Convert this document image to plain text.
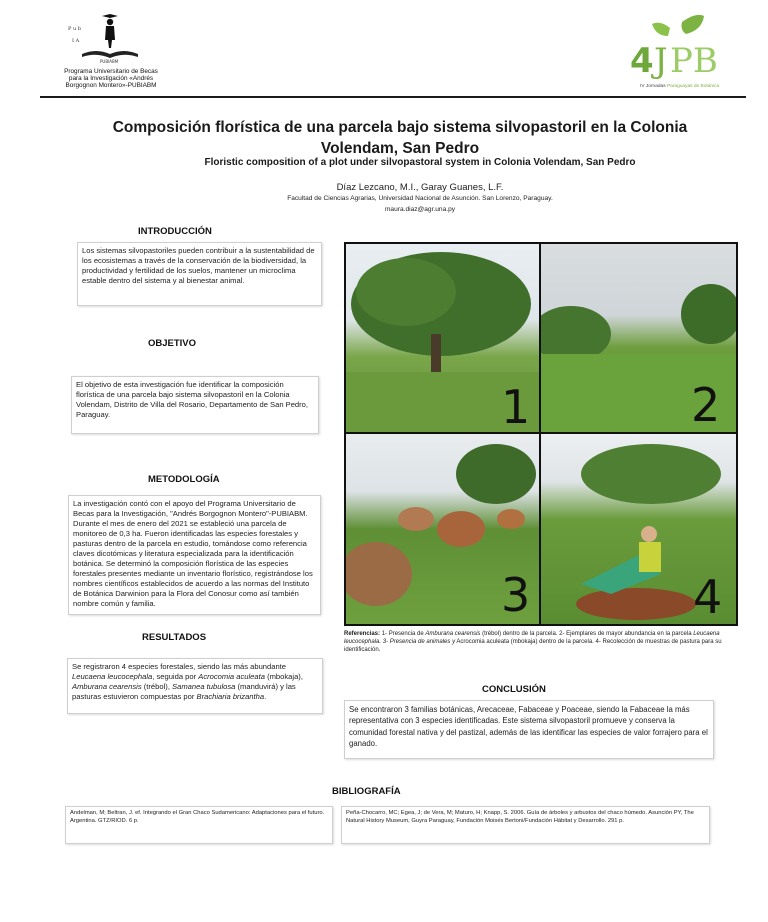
P u b
I A
PUBIABM
Programa Universitario de Becas
para la Investigación «Andrés
Borgognon Montero»-PUBIABM
4 J PB
IV Jornadas Paraguayas de Botánica
Composición florística de una parcela bajo sistema silvopastoril en la Colonia
Volendam, San Pedro
Floristic composition of a plot under silvopastoral system in Colonia Volendam, San Pedro
Díaz Lezcano, M.I., Garay Guanes, L.F.
Facultad de Ciencias Agrarias, Universidad Nacional de Asunción. San Lorenzo, Paraguay.
maura.diaz@agr.una.py
INTRODUCCIÓN
Los sistemas silvopastoriles pueden contribuir a la sustentabilidad de los ecosistemas a través de la conservación de la biodiversidad, la productividad y fertilidad de los suelos, mantener un microclima estable dentro del sistema y al bienestar animal.
OBJETIVO
El objetivo de esta investigación fue identificar la composición florística de una parcela bajo sistema silvopastoril en la Colonia Volendam, Distrito de Villa del Rosario, Departamento de San Pedro, Paraguay.
METODOLOGÍA
La investigación contó con el apoyo del Programa Universitario de Becas para la Investigación, "Andrés Borgognon Montero"-PUBIABM. Durante el mes de enero del 2021 se estableció una parcela de monitoreo de 0,3 ha. Fueron identificadas las especies forestales y pasturas dentro de la parcela en estudio, tomándose como referencia claves dicotómicas y literatura especializada para la identificación botánica. Se determinó la composición florística de las especies forestales presentes mediante un inventario florístico, registrándose los nombres científicos establecidos de acuerdo a las normas del Instituto de Botánica Darwinion para la Flora del Conosur como así también nombre común y familia.
RESULTADOS
Se registraron 4 especies forestales, siendo las más abundante Leucaena leucocephala, seguida por Acrocomia aculeata (mbokaja), Amburana cearensis (trébol), Samanea tubulosa (manduvirá) y las pasturas estuvieron compuestas por Brachiaria brizantha.
1	2
3	4
Referencias: 1- Presencia de Amburana cearensis (trébol) dentro de la parcela. 2- Ejemplares de mayor abundancia en la parcela Leucaena leucocephala. 3- Presencia de animales y Acrocomia aculeata (mbokaja) dentro de la parcela. 4- Recolección de muestras de pastura para su identificación.
CONCLUSIÓN
Se encontraron 3 familias botánicas, Arecaceae, Fabaceae y Poaceae, siendo la Fabaceae la más representativa con 3 especies identificadas. Este sistema silvopastoril promueve y conserva la comunidad forestal nativa y del pastizal, además de las identificar las especies de valor forrajero para el ganado.
BIBLIOGRAFÍA
Andelman, M; Beltran, J. ef. Integrando el Gran Chaco Sudamericano: Adaptaciones para el futuro. Argentina. GTZ/RIOD. 6 p.
Peña-Chocarro, MC; Egea, J; de Vera, M; Maturo, H; Knapp, S. 2006. Guía de árboles y arbustos del chaco húmedo. Asunción PY, The Natural History Museum, Guyra Paraguay, Fundación Moisés Bertoni/Fundación Hábitat y Desarrollo. 291 p.
